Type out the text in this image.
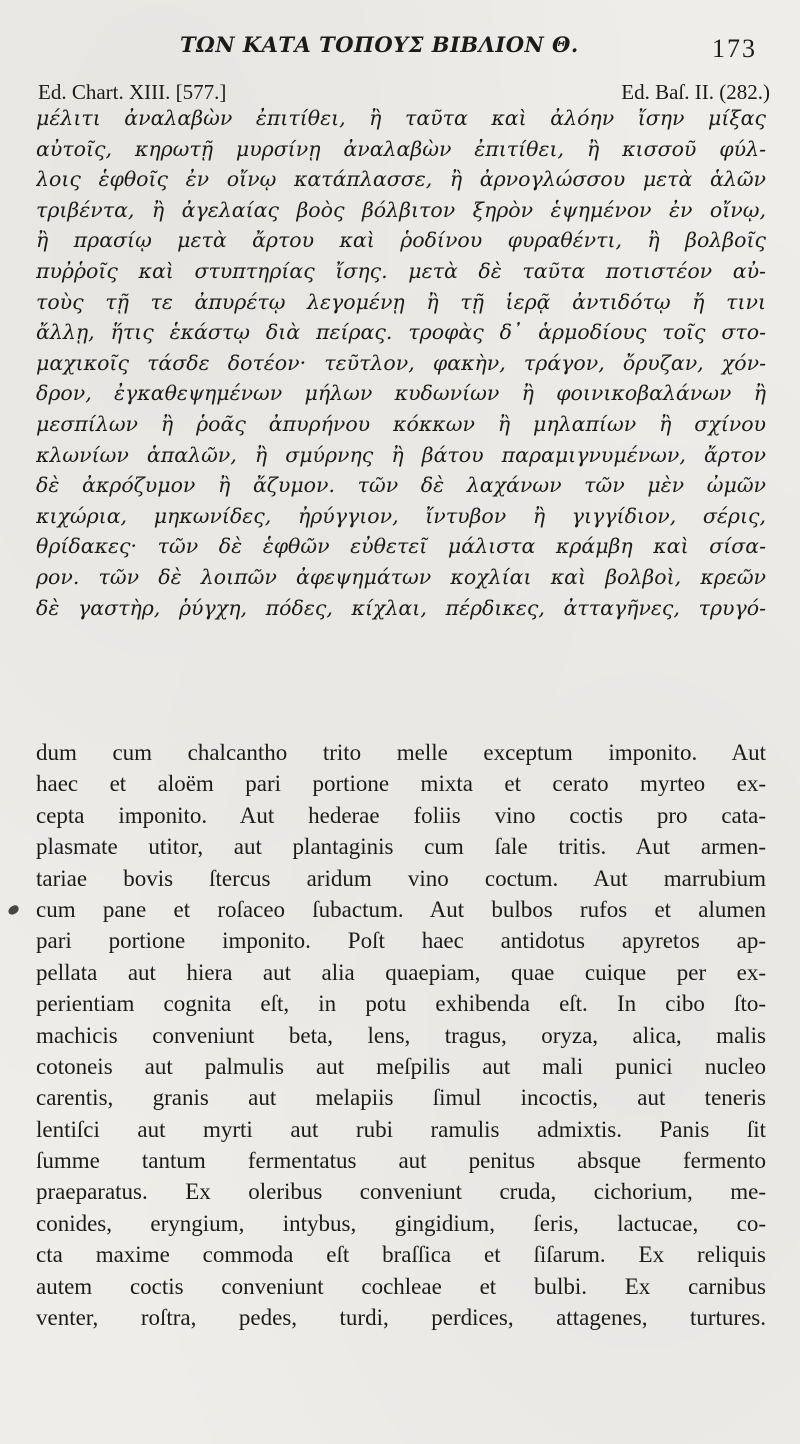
ΤΩΝ ΚΑΤΑ ΤΟΠΟΥΣ ΒΙΒΛΙΟΝ Θ.	173
Ed. Chart. XIII. [577.]	Ed. Baſ. II. (282.)
μέλιτι ἀναλαβὼν ἐπιτίθει, ἢ ταῦτα καὶ ἀλόην ἴσην μίξας
αὐτοῖς, κηρωτῇ μυρσίνῃ ἀναλαβὼν ἐπιτίθει, ἢ κισσοῦ φύλ-
λοις ἑφθοῖς ἐν οἴνῳ κατάπλασσε, ἢ ἀρνογλώσσου μετὰ ἁλῶν
τριβέντα, ἢ ἀγελαίας βοὸς βόλβιτον ξηρὸν ἑψημένον ἐν οἴνῳ,
ἢ πρασίῳ μετὰ ἄρτου καὶ ῥοδίνου φυραθέντι, ἢ βολβοῖς
πυῤῥοῖς καὶ στυπτηρίας ἴσης. μετὰ δὲ ταῦτα ποτιστέον αὐ-
τοὺς τῇ τε ἀπυρέτῳ λεγομένῃ ἢ τῇ ἱερᾷ ἀντιδότῳ ἤ τινι
ἄλλῃ, ἥτις ἑκάστῳ διὰ πείρας. τροφὰς δ᾽ ἁρμοδίους τοῖς στο-
μαχικοῖς τάσδε δοτέον· τεῦτλον, φακὴν, τράγον, ὄρυζαν, χόν-
δρον, ἐγκαθεψημένων μήλων κυδωνίων ἢ φοινικοβαλάνων ἢ
μεσπίλων ἢ ῥοᾶς ἀπυρήνου κόκκων ἢ μηλαπίων ἢ σχίνου
κλωνίων ἁπαλῶν, ἢ σμύρνης ἢ βάτου παραμιγνυμένων, ἄρτον
δὲ ἀκρόζυμον ἢ ἄζυμον. τῶν δὲ λαχάνων τῶν μὲν ὠμῶν
κιχώρια, μηκωνίδες, ἠρύγγιον, ἴντυβον ἢ γιγγίδιον, σέρις,
θρίδακες· τῶν δὲ ἑφθῶν εὐθετεῖ μάλιστα κράμβη καὶ σίσα-
ρον. τῶν δὲ λοιπῶν ἀφεψημάτων κοχλίαι καὶ βολβοὶ, κρεῶν
δὲ γαστὴρ, ῥύγχη, πόδες, κίχλαι, πέρδικες, ἀτταγῆνες, τρυγό-
dum cum chalcantho trito melle exceptum imponito. Aut
haec et aloëm pari portione mixta et cerato myrteo ex-
cepta imponito. Aut hederae foliis vino coctis pro cata-
plasmate utitor, aut plantaginis cum ſale tritis. Aut armen-
tariae bovis ſtercus aridum vino coctum. Aut marrubium
cum pane et roſaceo ſubactum. Aut bulbos rufos et alumen
pari portione imponito. Poſt haec antidotus apyretos ap-
pellata aut hiera aut alia quaepiam, quae cuique per ex-
perientiam cognita eſt, in potu exhibenda eſt. In cibo ſto-
machicis conveniunt beta, lens, tragus, oryza, alica, malis
cotoneis aut palmulis aut meſpilis aut mali punici nucleo
carentis, granis aut melapiis ſimul incoctis, aut teneris
lentiſci aut myrti aut rubi ramulis admixtis. Panis ſit
ſumme tantum fermentatus aut penitus absque fermento
praeparatus. Ex oleribus conveniunt cruda, cichorium, me-
conides, eryngium, intybus, gingidium, ſeris, lactucae, co-
cta maxime commoda eſt braſſica et ſiſarum. Ex reliquis
autem coctis conveniunt cochleae et bulbi. Ex carnibus
venter, roſtra, pedes, turdi, perdices, attagenes, turtures.
